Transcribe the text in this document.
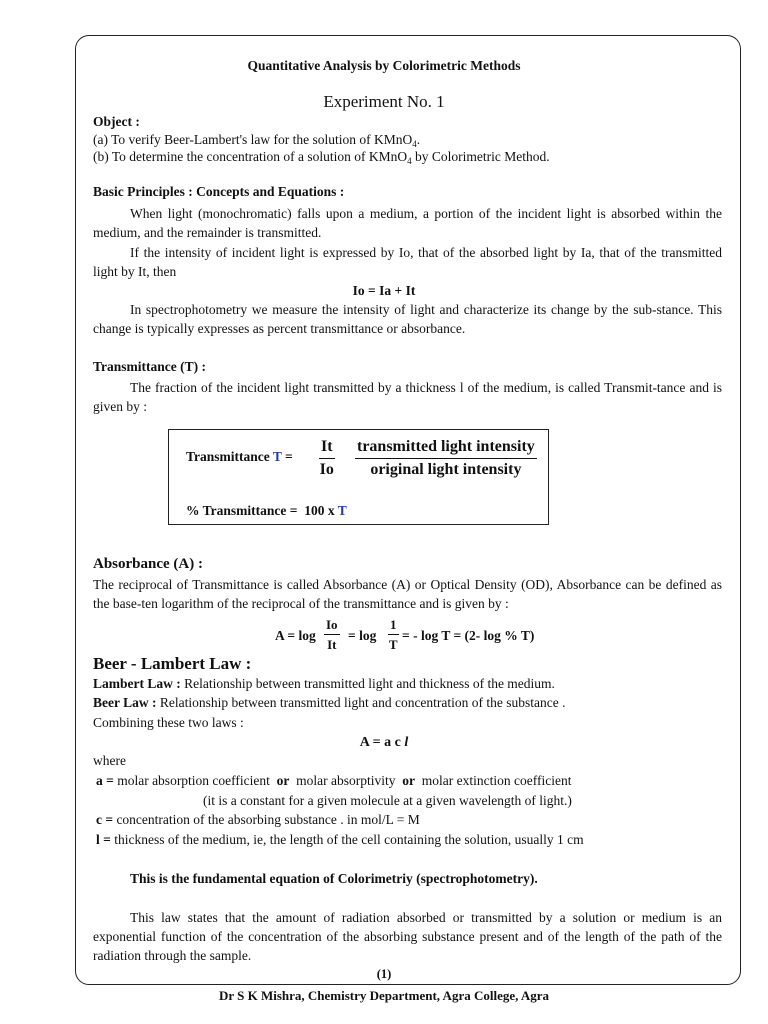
Quantitative Analysis by Colorimetric Methods
Experiment No. 1
Object :
(a) To verify Beer-Lambert's law for the solution of KMnO$_4$.
(b) To determine the concentration of a solution of KMnO$_4$ by Colorimetric Method.
Basic Principles : Concepts and Equations :
When light (monochromatic) falls upon a medium, a portion of the incident light is absorbed within the medium, and the remainder is transmitted.
If the intensity of incident light is expressed by Io, that of the absorbed light by Ia, that of the transmitted light by It, then
Io = Ia + It
In spectrophotometry we measure the intensity of light and characterize its change by the sub-stance. This change is typically expresses as percent transmittance or absorbance.
Transmittance (T) :
The fraction of the incident light transmitted by a thickness l of the medium, is called Transmit-tance and is given by :
Transmittance $T = \frac{It}{Io}$ transmitted light intensity
original light intensity
% Transmittance = 100 x T
Absorbance (A) :
The reciprocal of Transmittance is called Absorbance (A) or Optical Density (OD), Absorbance can be defined as the base-ten logarithm of the reciprocal of the transmittance and is given by :
$A = \log \frac{Io}{It} = \log \frac{1}{T}$ = - log T = (2- log % T)
Beer - Lambert Law :
Lambert Law : Relationship between transmitted light and thickness of the medium.
Beer Law : Relationship between transmitted light and concentration of the substance .
Combining these two laws :
A = a c l
where
a = molar absorption coefficient  or  molar absorptivity  or  molar extinction coefficient
(it is a constant for a given molecule at a given wavelength of light.)
c = concentration of the absorbing substance . in mol/L = M
l = thickness of the medium, ie, the length of the cell containing the solution, usually 1 cm
This is the fundamental equation of Colorimetriy (spectrophotometry).
This law states that the amount of radiation absorbed or transmitted by a solution or medium is an exponential function of the concentration of the absorbing substance present and of the length of the path of the radiation through the sample.
(1)
Dr S K Mishra, Chemistry Department, Agra College, Agra
